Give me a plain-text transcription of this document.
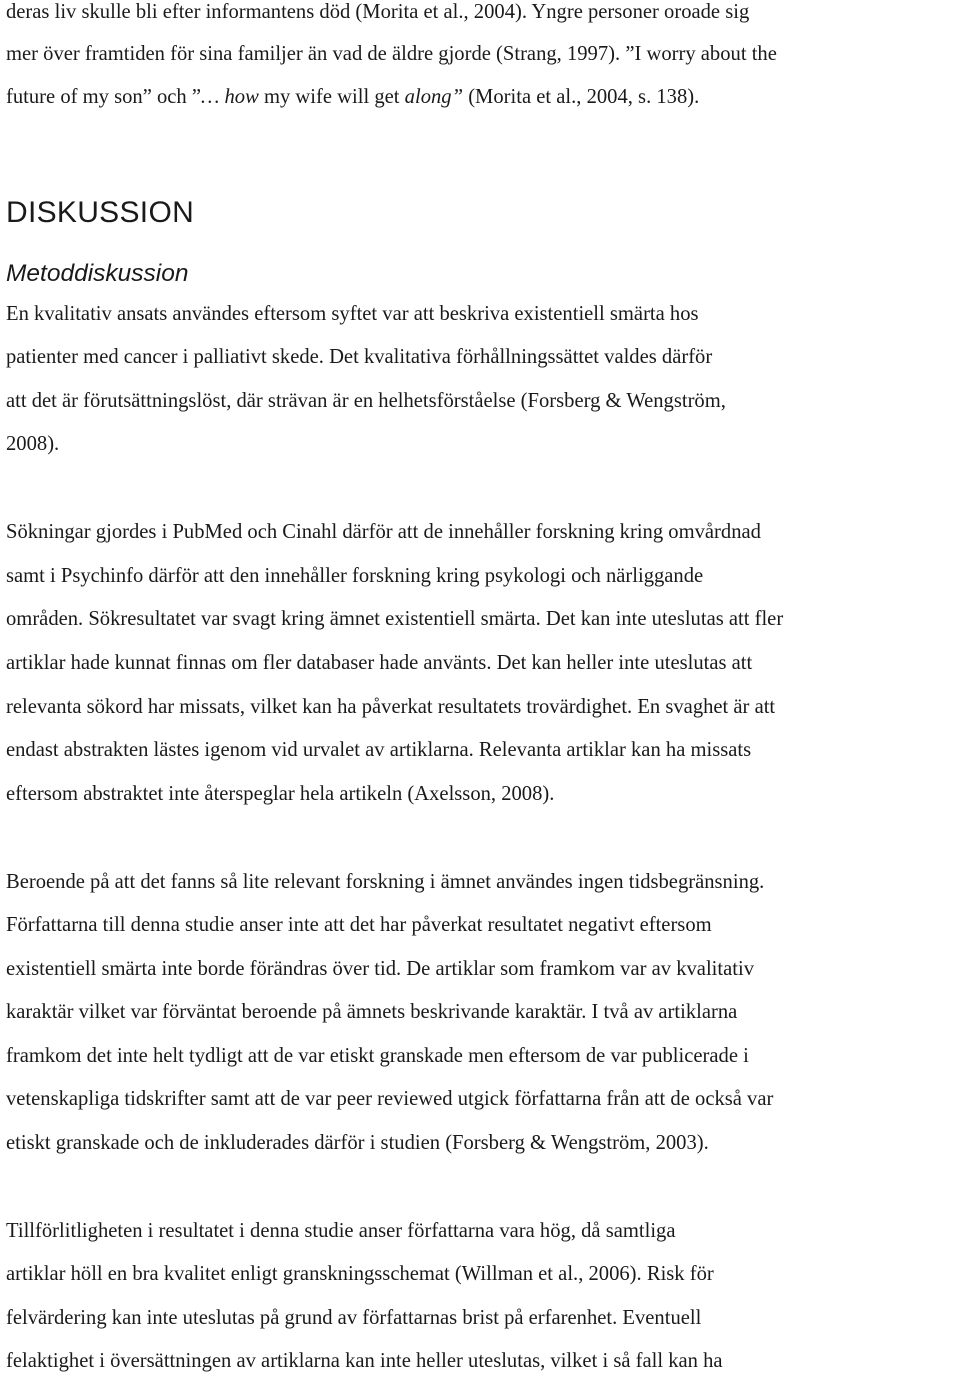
deras liv skulle bli efter informantens död (Morita et al., 2004). Yngre personer oroade sig
mer över framtiden för sina familjer än vad de äldre gjorde (Strang, 1997). ”I worry about the
future of my son” och ”… how my wife will get along” (Morita et al., 2004, s. 138).
DISKUSSION
Metoddiskussion
En kvalitativ ansats användes eftersom syftet var att beskriva existentiell smärta hos
patienter med cancer i palliativt skede. Det kvalitativa förhållningssättet valdes därför
att det är förutsättningslöst, där strävan är en helhetsförståelse (Forsberg & Wengström,
2008).
Sökningar gjordes i PubMed och Cinahl därför att de innehåller forskning kring omvårdnad
samt i Psychinfo därför att den innehåller forskning kring psykologi och närliggande
områden. Sökresultatet var svagt kring ämnet existentiell smärta. Det kan inte uteslutas att fler
artiklar hade kunnat finnas om fler databaser hade använts. Det kan heller inte uteslutas att
relevanta sökord har missats, vilket kan ha påverkat resultatets trovärdighet. En svaghet är att
endast abstrakten lästes igenom vid urvalet av artiklarna. Relevanta artiklar kan ha missats
eftersom abstraktet inte återspeglar hela artikeln (Axelsson, 2008).
Beroende på att det fanns så lite relevant forskning i ämnet användes ingen tidsbegränsning.
Författarna till denna studie anser inte att det har påverkat resultatet negativt eftersom
existentiell smärta inte borde förändras över tid. De artiklar som framkom var av kvalitativ
karaktär vilket var förväntat beroende på ämnets beskrivande karaktär. I två av artiklarna
framkom det inte helt tydligt att de var etiskt granskade men eftersom de var publicerade i
vetenskapliga tidskrifter samt att de var peer reviewed utgick författarna från att de också var
etiskt granskade och de inkluderades därför i studien (Forsberg & Wengström, 2003).
Tillförlitligheten i resultatet i denna studie anser författarna vara hög, då samtliga
artiklar höll en bra kvalitet enligt granskningsschemat (Willman et al., 2006). Risk för
felvärdering kan inte uteslutas på grund av författarnas brist på erfarenhet. Eventuell
felaktighet i översättningen av artiklarna kan inte heller uteslutas, vilket i så fall kan ha
